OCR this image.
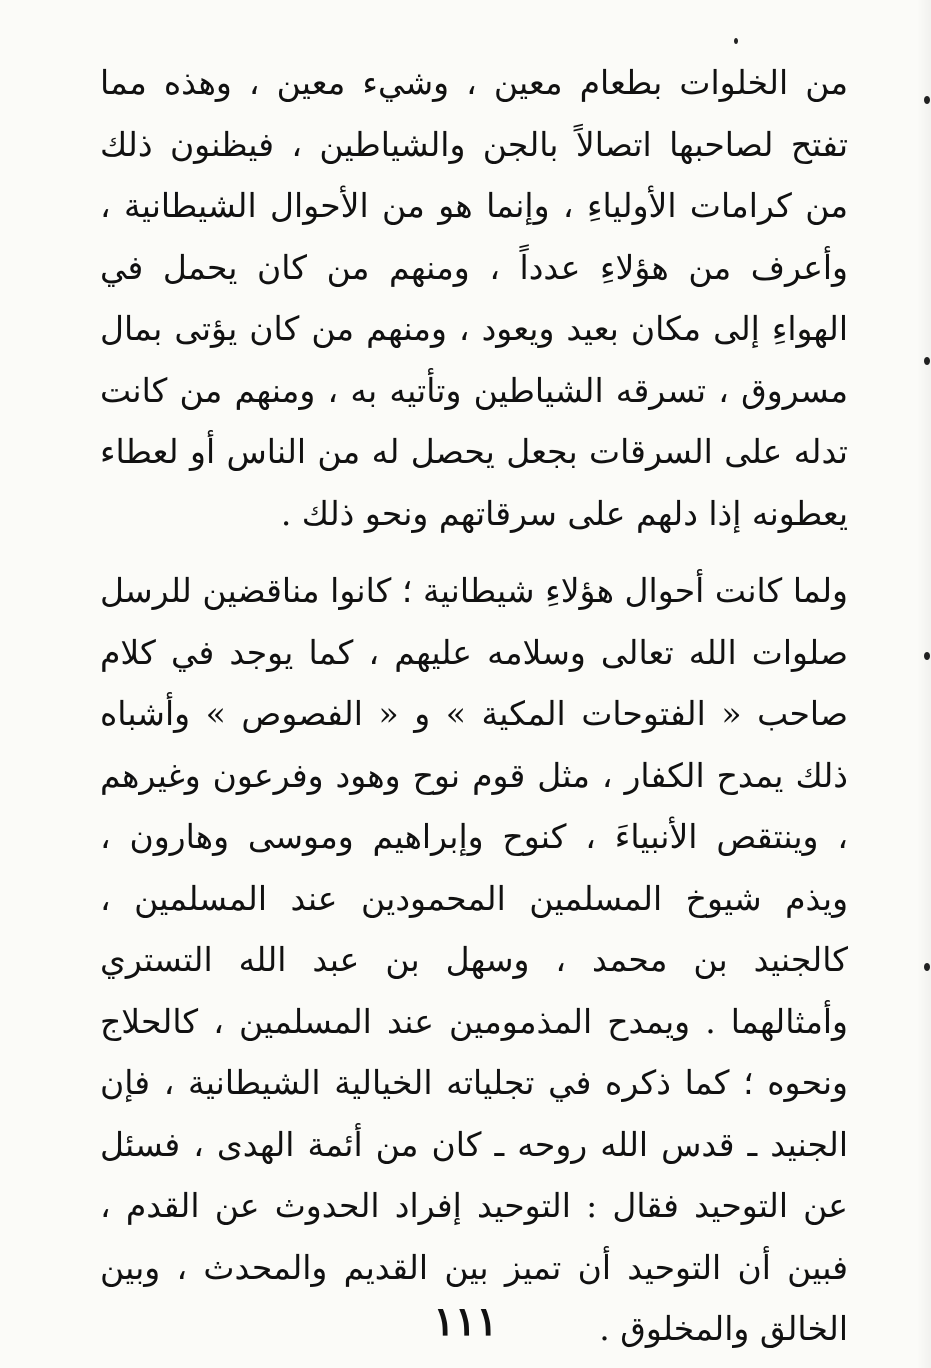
من الخلوات بطعام معين ، وشيء معين ، وهذه مما تفتح لصاحبها اتصالاً بالجن والشياطين ، فيظنون ذلك من كرامات الأولياءِ ، وإنما هو من الأحوال الشيطانية ، وأعرف من هؤلاءِ عدداً ، ومنهم من كان يحمل في الهواءِ إلى مكان بعيد ويعود ، ومنهم من كان يؤتى بمال مسروق ، تسرقه الشياطين وتأتيه به ، ومنهم من كانت تدله على السرقات بجعل يحصل له من الناس أو لعطاء يعطونه إذا دلهم على سرقاتهم ونحو ذلك .

ولما كانت أحوال هؤلاءِ شيطانية ؛ كانوا مناقضين للرسل صلوات الله تعالى وسلامه عليهم ، كما يوجد في كلام صاحب « الفتوحات المكية » و « الفصوص » وأشباه ذلك يمدح الكفار ، مثل قوم نوح وهود وفرعون وغيرهم ، وينتقص الأنبياءَ ، كنوح وإبراهيم وموسى وهارون ، ويذم شيوخ المسلمين المحمودين عند المسلمين ، كالجنيد بن محمد ، وسهل بن عبد الله التستري وأمثالهما . ويمدح المذمومين عند المسلمين ، كالحلاج ونحوه ؛ كما ذكره في تجلياته الخيالية الشيطانية ، فإن الجنيد ـ قدس الله روحه ـ كان من أئمة الهدى ، فسئل عن التوحيد فقال : التوحيد إفراد الحدوث عن القدم ، فبين أن التوحيد أن تميز بين القديم والمحدث ، وبين الخالق والمخلوق .

١١١
